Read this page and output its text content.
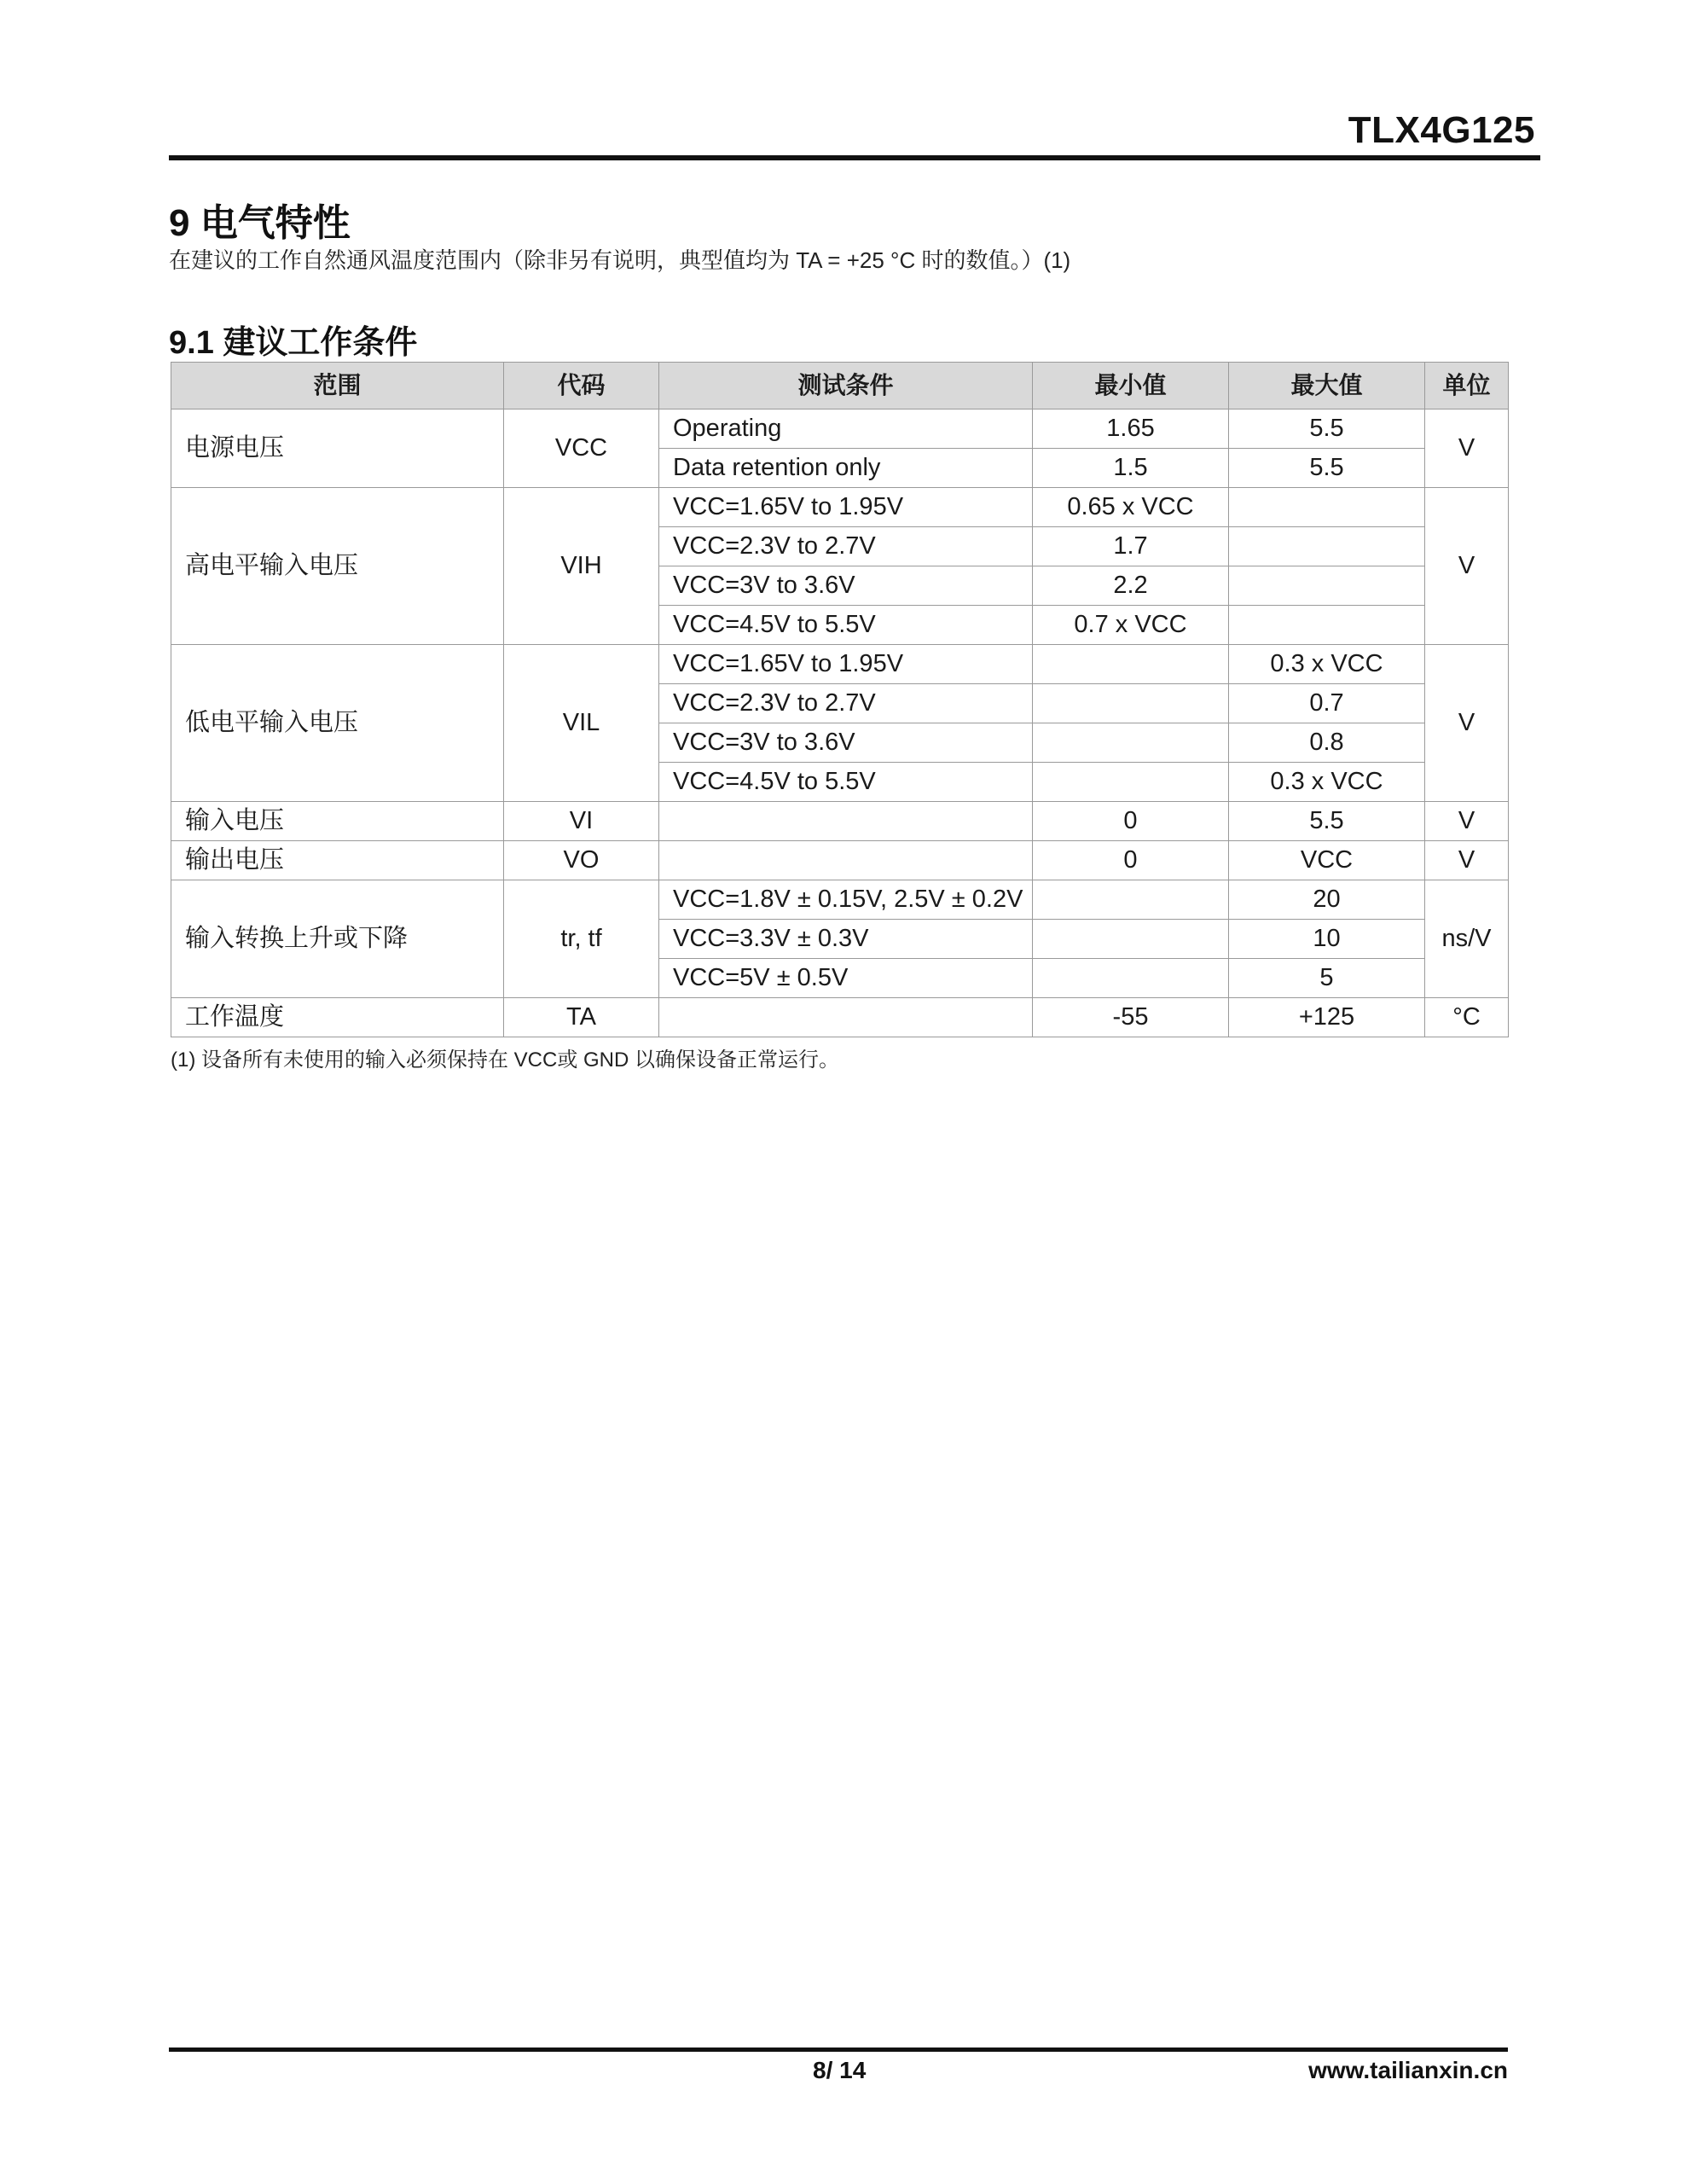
TLX4G125
9 电气特性
在建议的工作自然通风温度范围内（除非另有说明，典型值均为 TA = +25 °C 时的数值。）(1)
9.1 建议工作条件
范围	代码	测试条件	最小值	最大值	单位
电源电压	VCC	Operating	1.65	5.5	V
		Data retention only	1.5	5.5	
高电平输入电压	VIH	VCC=1.65V to 1.95V	0.65 x VCC		V
		VCC=2.3V to 2.7V	1.7		
		VCC=3V to 3.6V	2.2		
		VCC=4.5V to 5.5V	0.7 x VCC		
低电平输入电压	VIL	VCC=1.65V to 1.95V		0.3 x VCC	V
		VCC=2.3V to 2.7V		0.7	
		VCC=3V to 3.6V		0.8	
		VCC=4.5V to 5.5V		0.3 x VCC	
输入电压	VI		0	5.5	V
输出电压	VO		0	VCC	V
输入转换上升或下降	tr, tf	VCC=1.8V ± 0.15V, 2.5V ± 0.2V		20	ns/V
		VCC=3.3V ± 0.3V		10	
		VCC=5V ± 0.5V		5	
工作温度	TA		-55	+125	°C
(1) 设备所有未使用的输入必须保持在 VCC或 GND 以确保设备正常运行。
8/ 14	www.tailianxin.cn
